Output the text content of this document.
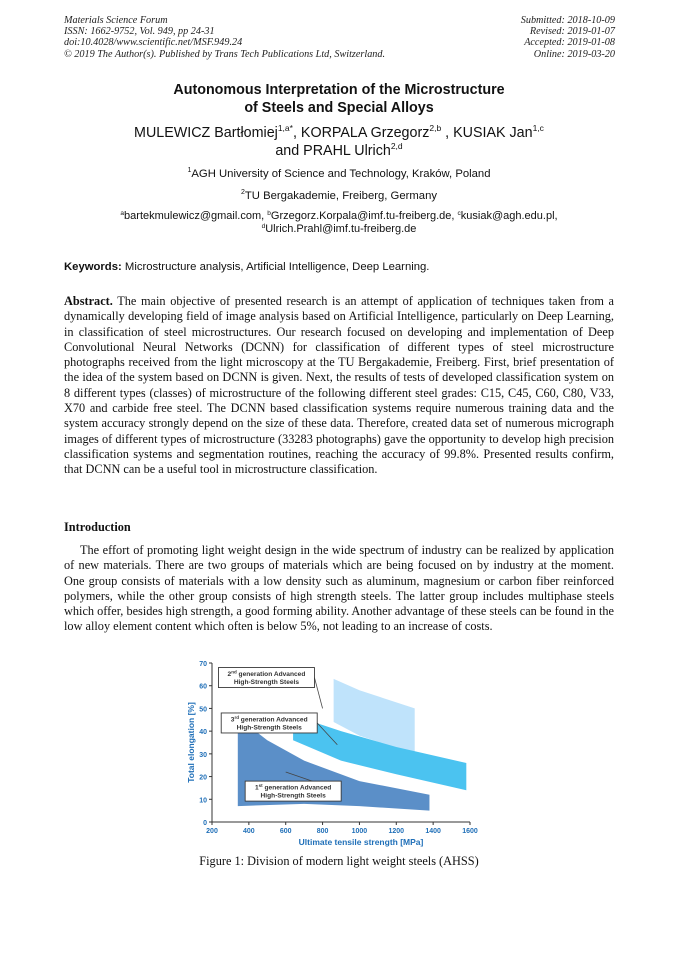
Materials Science Forum
ISSN: 1662-9752, Vol. 949, pp 24-31
doi:10.4028/www.scientific.net/MSF.949.24
© 2019 The Author(s). Published by Trans Tech Publications Ltd, Switzerland.
Submitted: 2018-10-09
Revised: 2019-01-07
Accepted: 2019-01-08
Online: 2019-03-20
Autonomous Interpretation of the Microstructure
of Steels and Special Alloys
MULEWICZ Bartłomiej$^{1,a*}$, KORPALA Grzegorz$^{2,b}$ , KUSIAK Jan$^{1,c}$
and PRAHL Ulrich$^{2,d}$
$^1$AGH University of Science and Technology, Kraków, Poland
$^2$TU Bergakademie, Freiberg, Germany
$^a$bartekmulewicz@gmail.com, $^b$Grzegorz.Korpala@imf.tu-freiberg.de, $^c$kusiak@agh.edu.pl,
$^d$Ulrich.Prahl@imf.tu-freiberg.de
Keywords: Microstructure analysis, Artificial Intelligence, Deep Learning.
Abstract. The main objective of presented research is an attempt of application of techniques taken from a dynamically developing field of image analysis based on Artificial Intelligence, particularly on Deep Learning, in classification of steel microstructures. Our research focused on developing and implementation of Deep Convolutional Neural Networks (DCNN) for classification of different types of steel microstructure photographs received from the light microscopy at the TU Bergakademie, Freiberg. First, brief presentation of the idea of the system based on DCNN is given. Next, the results of tests of developed classification system on 8 different types (classes) of microstructure of the following different steel grades: C15, C45, C60, C80, V33, X70 and carbide free steel. The DCNN based classification systems require numerous training data and the system accuracy strongly depend on the size of these data. Therefore, created data set of numerous micrograph images of different types of microstructure (33283 photographs) gave the opportunity to develop high precision classification systems and segmentation routines, reaching the accuracy of 99.8%. Presented results confirm, that DCNN can be a useful tool in microstructure classification.
Introduction
The effort of promoting light weight design in the wide spectrum of industry can be realized by application of new materials. There are two groups of materials which are being focused on by industry at the moment. One group consists of materials with a low density such as aluminum, magnesium or carbon fiber reinforced polymers, while the other group consists of high strength steels. The latter group includes multiphase steels which offer, besides high strength, a good forming ability. Another advantage of these steels can be found in the low alloy element content which often is below 5%, not leading to an increase of costs.
0
10
20
30
40
50
60
70
200	400	600	800	1000	1200	1400	1600
Ultimate tensile strength [MPa]
Total elongation [%]
2nd generation Advanced
High-Strength Steels
3rd generation Advanced
High-Strength Steels
1st generation Advanced
High-Strength Steels
Figure 1: Division of modern light weight steels (AHSS)
